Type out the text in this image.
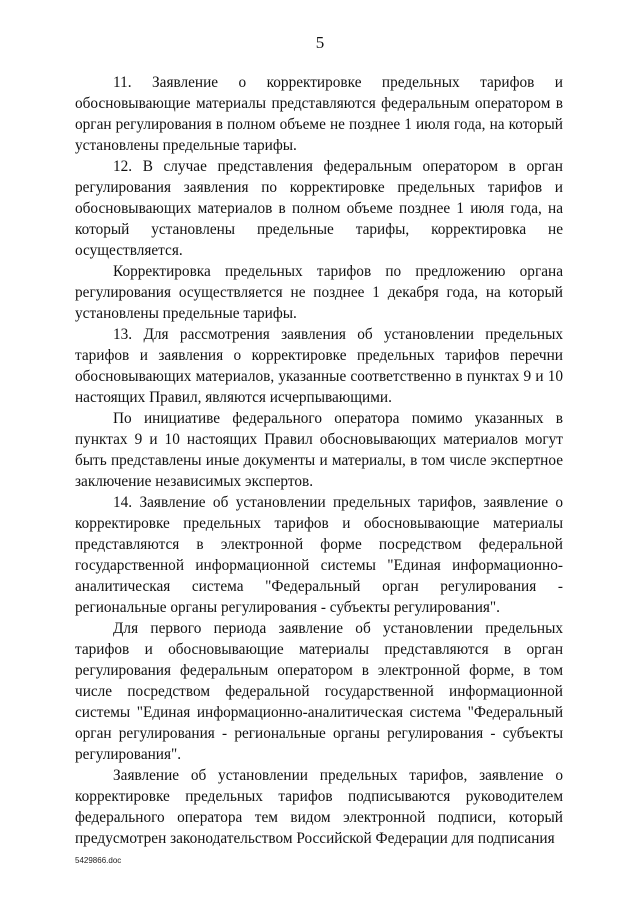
5

11. Заявление о корректировке предельных тарифов и обосновывающие материалы представляются федеральным оператором в орган регулирования в полном объеме не позднее 1 июля года, на который установлены предельные тарифы.

12. В случае представления федеральным оператором в орган регулирования заявления по корректировке предельных тарифов и обосновывающих материалов в полном объеме позднее 1 июля года, на который установлены предельные тарифы, корректировка не осуществляется.

Корректировка предельных тарифов по предложению органа регулирования осуществляется не позднее 1 декабря года, на который установлены предельные тарифы.

13. Для рассмотрения заявления об установлении предельных тарифов и заявления о корректировке предельных тарифов перечни обосновывающих материалов, указанные соответственно в пунктах 9 и 10 настоящих Правил, являются исчерпывающими.

По инициативе федерального оператора помимо указанных в пунктах 9 и 10 настоящих Правил обосновывающих материалов могут быть представлены иные документы и материалы, в том числе экспертное заключение независимых экспертов.

14. Заявление об установлении предельных тарифов, заявление о корректировке предельных тарифов и обосновывающие материалы представляются в электронной форме посредством федеральной государственной информационной системы "Единая информационно-аналитическая система "Федеральный орган регулирования - региональные органы регулирования - субъекты регулирования".

Для первого периода заявление об установлении предельных тарифов и обосновывающие материалы представляются в орган регулирования федеральным оператором в электронной форме, в том числе посредством федеральной государственной информационной системы "Единая информационно-аналитическая система "Федеральный орган регулирования - региональные органы регулирования - субъекты регулирования".

Заявление об установлении предельных тарифов, заявление о корректировке предельных тарифов подписываются руководителем федерального оператора тем видом электронной подписи, который предусмотрен законодательством Российской Федерации для подписания

5429866.doc
